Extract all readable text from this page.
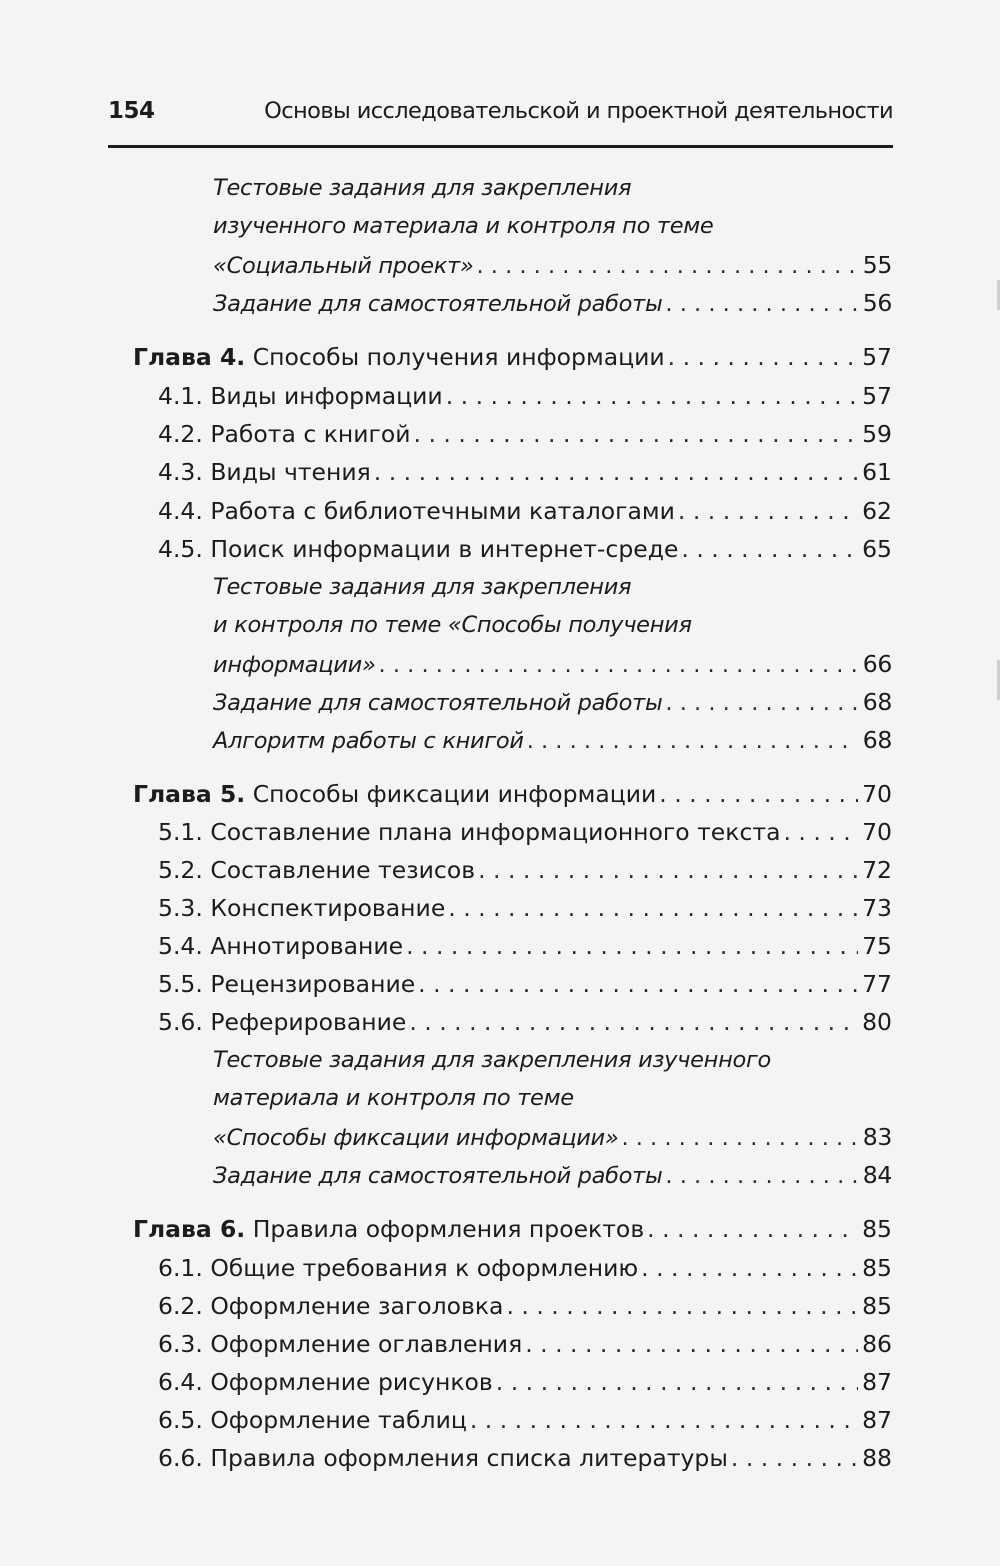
154	Основы исследовательской и проектной деятельности
Тестовые задания для закрепления
изученного материала и контроля по теме
«Социальный проект» . . .	55
Задание для самостоятельной работы . . .	56
Глава 4. Способы получения информации . . .	57
4.1. Виды информации . . .	57
4.2. Работа с книгой . . .	59
4.3. Виды чтения . . .	61
4.4. Работа с библиотечными каталогами . . .	62
4.5. Поиск информации в интернет-среде . . .	65
Тестовые задания для закрепления
и контроля по теме «Способы получения
информации» . . .	66
Задание для самостоятельной работы . . .	68
Алгоритм работы с книгой . . .	68
Глава 5. Способы фиксации информации . . .	70
5.1. Составление плана информационного текста . . .	70
5.2. Составление тезисов . . .	72
5.3. Конспектирование . . .	73
5.4. Аннотирование . . .	75
5.5. Рецензирование . . .	77
5.6. Реферирование . . .	80
Тестовые задания для закрепления изученного
материала и контроля по теме
«Способы фиксации информации» . . .	83
Задание для самостоятельной работы . . .	84
Глава 6. Правила оформления проектов . . .	85
6.1. Общие требования к оформлению . . .	85
6.2. Оформление заголовка . . .	85
6.3. Оформление оглавления . . .	86
6.4. Оформление рисунков . . .	87
6.5. Оформление таблиц . . .	87
6.6. Правила оформления списка литературы . . .	88
